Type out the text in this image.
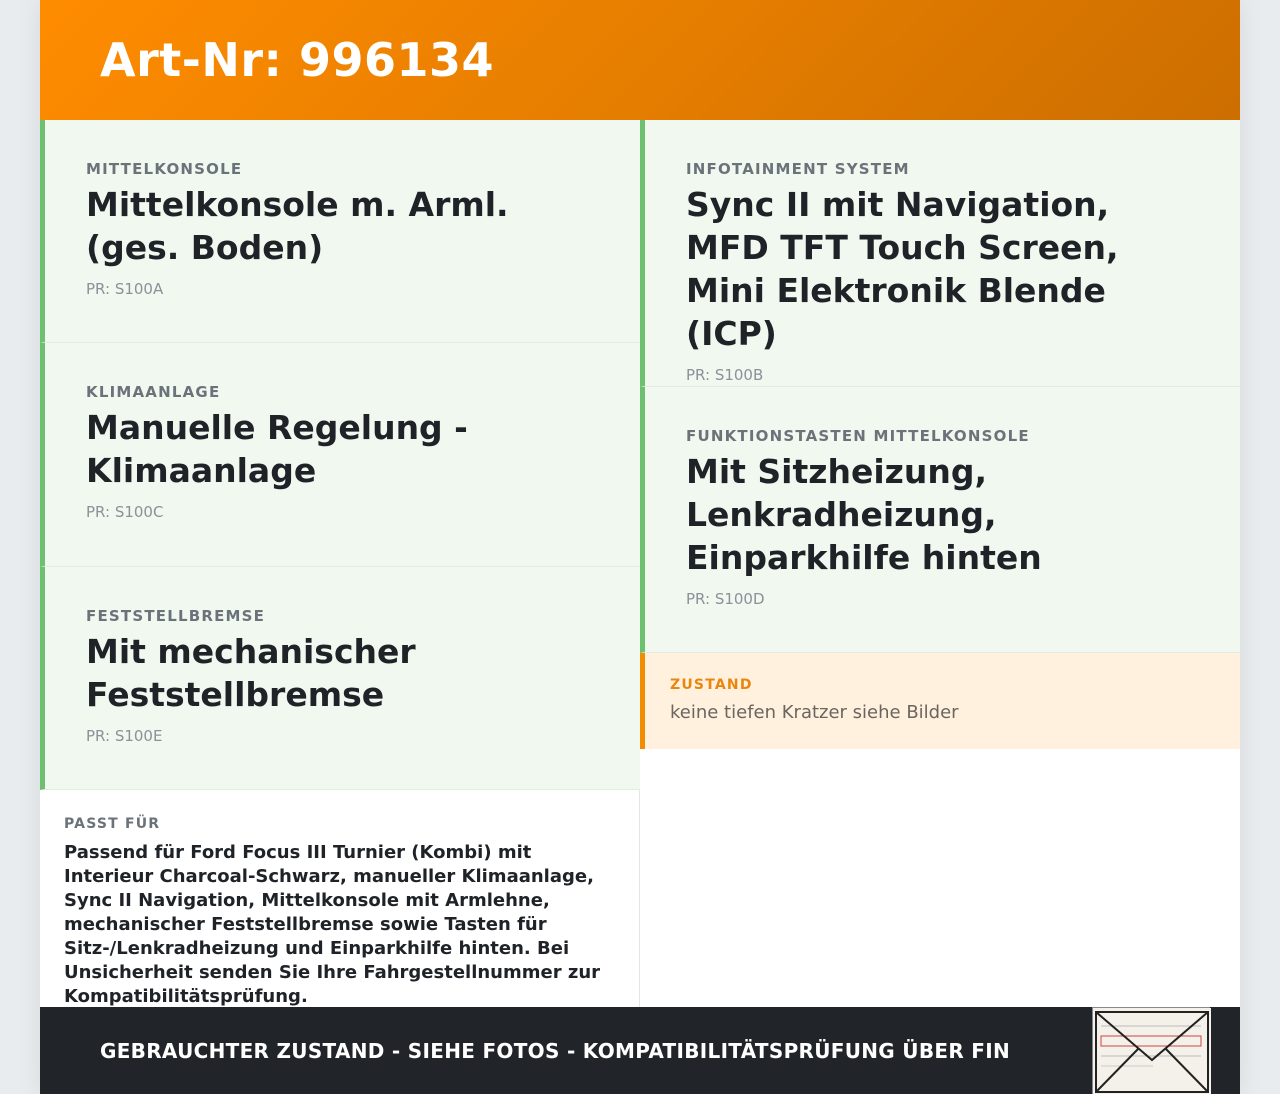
Art-Nr: 996134
MITTELKONSOLE
Mittelkonsole m. Arml. (ges. Boden)
PR: S100A
KLIMAANLAGE
Manuelle Regelung - Klimaanlage
PR: S100C
FESTSTELLBREMSE
Mit mechanischer Feststellbremse
PR: S100E
PASST FÜR
Passend für Ford Focus III Turnier (Kombi) mit Interieur Charcoal-Schwarz, manueller Klimaanlage, Sync II Navigation, Mittelkonsole mit Armlehne, mechanischer Feststellbremse sowie Tasten für Sitz-/Lenkradheizung und Einparkhilfe hinten. Bei Unsicherheit senden Sie Ihre Fahrgestellnummer zur Kompatibilitätsprüfung.
INFOTAINMENT SYSTEM
Sync II mit Navigation, MFD TFT Touch Screen, Mini Elektronik Blende (ICP)
PR: S100B
FUNKTIONSTASTEN MITTELKONSOLE
Mit Sitzheizung, Lenkradheizung, Einparkhilfe hinten
PR: S100D
ZUSTAND
keine tiefen Kratzer siehe Bilder
GEBRAUCHTER ZUSTAND - SIEHE FOTOS - KOMPATIBILITÄTSPRÜFUNG ÜBER FIN
